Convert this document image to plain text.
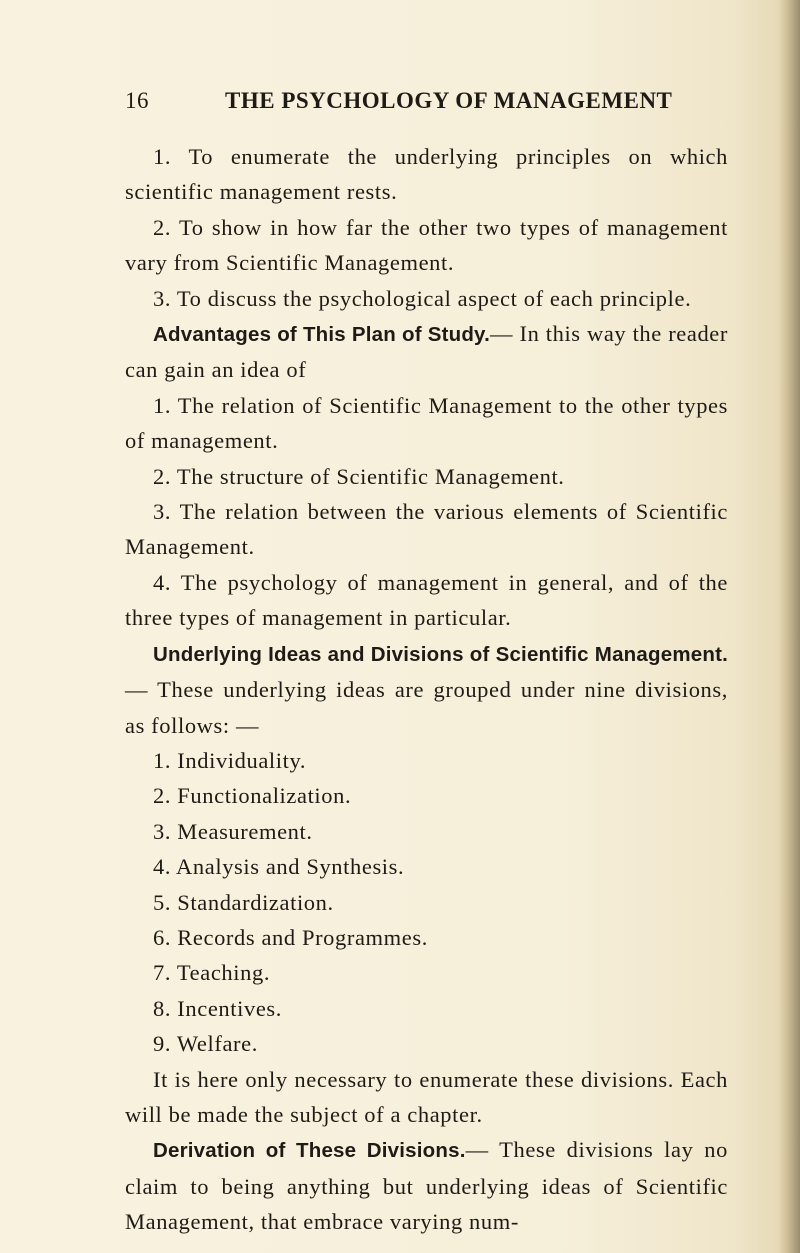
16	THE PSYCHOLOGY OF MANAGEMENT

1. To enumerate the underlying principles on which scientific management rests.

2. To show in how far the other two types of management vary from Scientific Management.

3. To discuss the psychological aspect of each principle.

Advantages of This Plan of Study.— In this way the reader can gain an idea of

1. The relation of Scientific Management to the other types of management.

2. The structure of Scientific Management.

3. The relation between the various elements of Scientific Management.

4. The psychology of management in general, and of the three types of management in particular.

Underlying Ideas and Divisions of Scientific Management.— These underlying ideas are grouped under nine divisions, as follows: —

1. Individuality.

2. Functionalization.

3. Measurement.

4. Analysis and Synthesis.

5. Standardization.

6. Records and Programmes.

7. Teaching.

8. Incentives.

9. Welfare.

It is here only necessary to enumerate these divisions. Each will be made the subject of a chapter.

Derivation of These Divisions.— These divisions lay no claim to being anything but underlying ideas of Scientific Management, that embrace varying num-
